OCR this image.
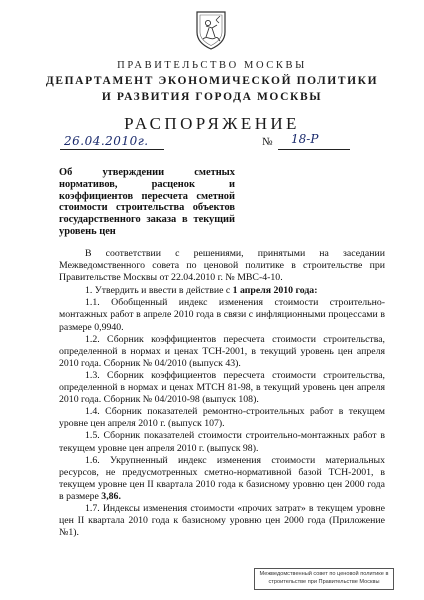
ПРАВИТЕЛЬСТВО МОСКВЫ
ДЕПАРТАМЕНТ ЭКОНОМИЧЕСКОЙ ПОЛИТИКИ
И РАЗВИТИЯ ГОРОДА МОСКВЫ
РАСПОРЯЖЕНИЕ
26.04.2010г.	№ 18-Р
Об утверждении сметных нормативов, расценок и коэффициентов пересчета сметной стоимости строительства объектов государственного заказа в текущий уровень цен

В соответствии с решениями, принятыми на заседании Межведомственного совета по ценовой политике в строительстве при Правительстве Москвы от 22.04.2010 г. № МВС-4-10.

1. Утвердить и ввести в действие с 1 апреля 2010 года:

1.1. Обобщенный индекс изменения стоимости строительно-монтажных работ в апреле 2010 года в связи с инфляционными процессами в размере 0,9940.

1.2. Сборник коэффициентов пересчета стоимости строительства, определенной в нормах и ценах ТСН-2001, в текущий уровень цен апреля 2010 года. Сборник № 04/2010 (выпуск 43).

1.3. Сборник коэффициентов пересчета стоимости строительства, определенной в нормах и ценах МТСН 81-98, в текущий уровень цен апреля 2010 года. Сборник № 04/2010-98 (выпуск 108).

1.4. Сборник показателей ремонтно-строительных работ в текущем уровне цен апреля 2010 г. (выпуск 107).

1.5. Сборник показателей стоимости строительно-монтажных работ в текущем уровне цен апреля 2010 г. (выпуск 98).

1.6. Укрупненный индекс изменения стоимости материальных ресурсов, не предусмотренных сметно-нормативной базой ТСН-2001, в текущем уровне цен II квартала 2010 года к базисному уровню цен 2000 года в размере 3,86.

1.7. Индексы изменения стоимости «прочих затрат» в текущем уровне цен II квартала 2010 года к базисному уровню цен 2000 года (Приложение №1).

Межведомственный совет по ценовой политике в
строительстве при Правительстве Москвы
